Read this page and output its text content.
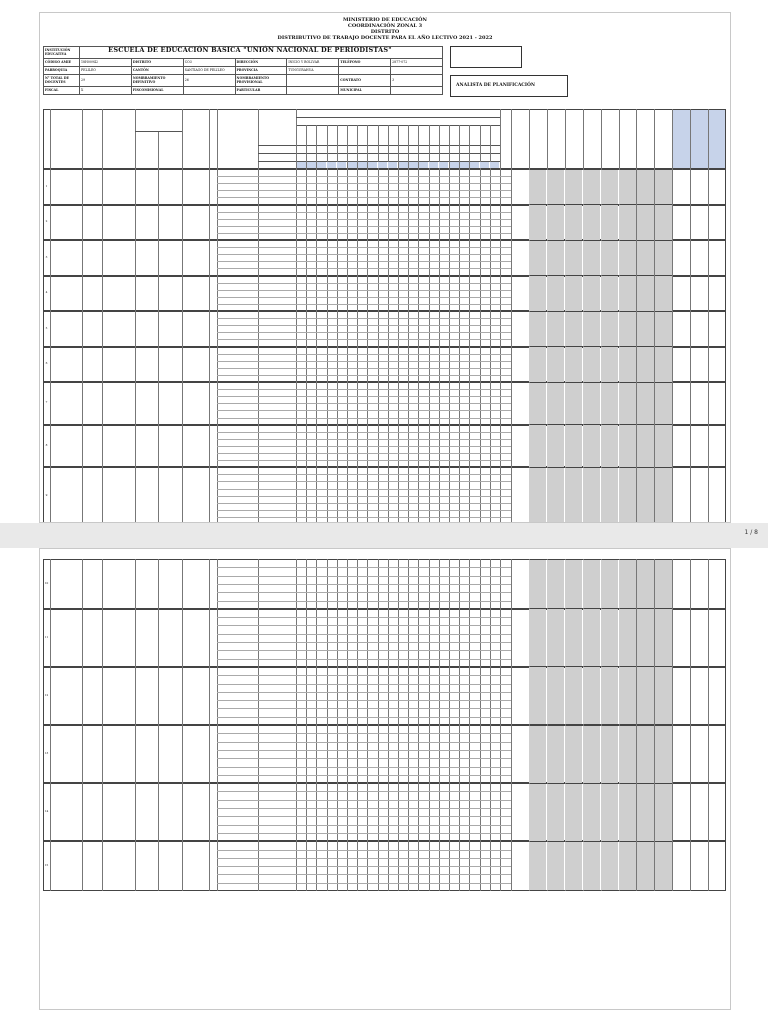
1 / 8
MINISTERIO DE EDUCACIÓN
COORDINACIÓN ZONAL 3
DISTRITO
DISTRIBUTIVO DE TRABAJO DOCENTE PARA EL AÑO LECTIVO 2021 - 2022
ESCUELA DE EDUCACIÓN BÁSICA "UNIÓN NACIONAL DE PERIODISTAS"
INSTITUCIÓN EDUCATIVA							
CÓDIGO AMIE	18H00942	DISTRITO	CO3	DIRECCIÓN	INICIO Y BOLIVAR	TELÉFONO	2877-072
PARROQUIA	PELILEO	CANTÓN	SANTIAGO DE PELILEO	PROVINCIA	TUNGURAHUA		
N° TOTAL DE DOCENTES	29	NOMBRAMIENTO DEFINITIVO	26	NOMBRAMIENTO PROVISIONAL		CONTRATO	3
FISCAL	X	FISCOMISIONAL		PARTICULAR		MUNICIPAL	
ANALISTA DE PLANIFICACIÓN
1
2
3
4
5
6
7
8
9
10
11
12
13
14
15
